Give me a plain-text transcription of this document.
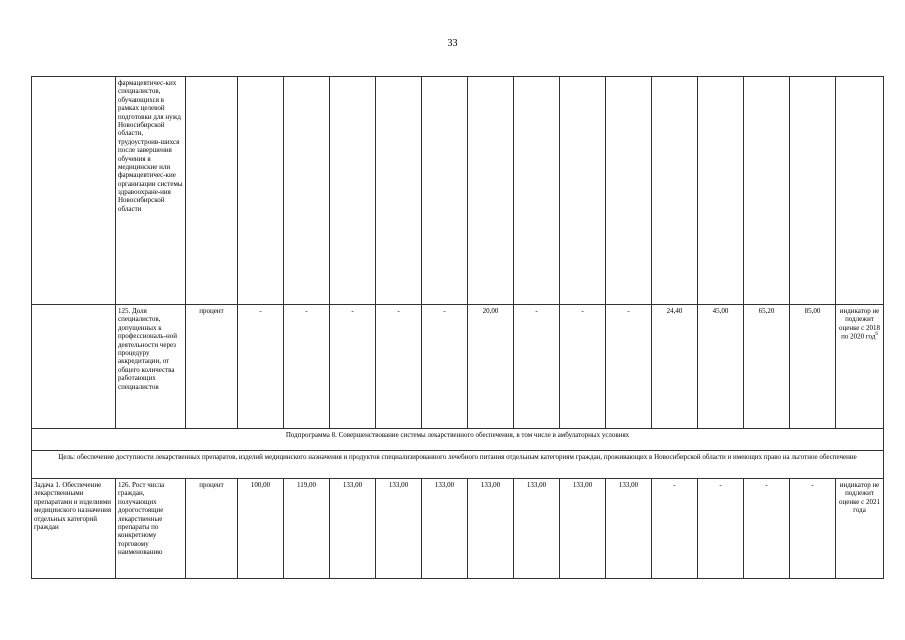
33
	фармацевтичес-ких специалистов, обучающихся в рамках целевой подготовки для нужд Новосибирской области, трудоустроив-шихся после завершения обучения в медицинские или фармацевтичес-кие организации системы здравоохране-ния Новосибирской области															
	125. Доля специалистов, допущенных к профессиональ-ной деятельности через процедуру аккредитации, от общего количества работающих специалистов	процент	-	-	-	-	-	20,00	-	-	-	24,40	45,00	65,20	85,00	индикатор не подлежит оценке с 2018 по 2020 год$^6$
Подпрограмма 8. Совершенствование системы лекарственного обеспечения, в том числе в амбулаторных условиях																
Цель: обеспечение доступности лекарственных препаратов, изделий медицинского назначения и продуктов специализированного лечебного питания отдельным категориям граждан, проживающих в Новосибирской области и имеющих право на льготное обеспечение																
Задача 1. Обеспечение лекарственными препаратами и изделиями медицинского назначения отдельных категорий граждан	126. Рост числа граждан, получающих дорогостоящие лекарственные препараты по конкретному торговому наименованию	процент	100,00	119,00	133,00	133,00	133,00	133,00	133,00	133,00	133,00	-	-	-	-	индикатор не подлежит оценке с 2021 года
